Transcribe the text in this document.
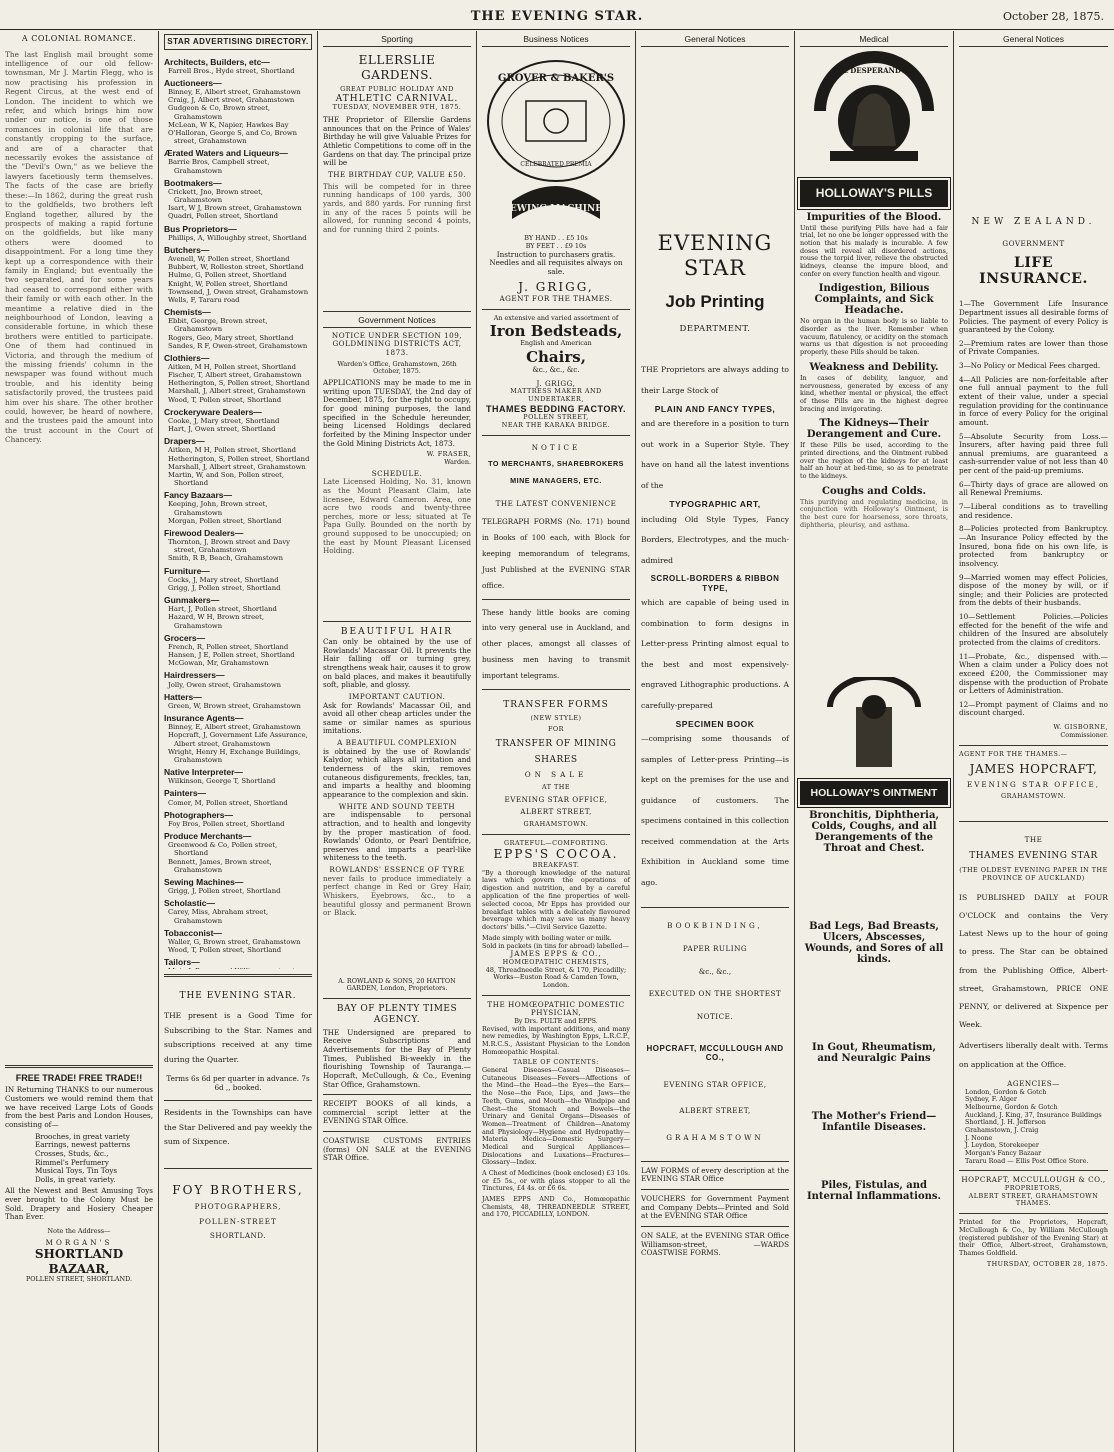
THE EVENING STAR.	October 28, 1875.
A COLONIAL ROMANCE.

The last English mail brought some intelligence of our old fellow-townsman, Mr J. Martin Flegg, who is now practising his profession in Regent Circus, at the west end of London. The incident to which we refer, and which brings him now under our notice, is one of those romances in colonial life that are constantly cropping to the surface, and are of a character that necessarily evokes the assistance of the "Devil's Own," as we believe the lawyers facetiously term themselves. The facts of the case are briefly these:—In 1862, during the great rush to the goldfields, two brothers left England together, allured by the prospects of making a rapid fortune on the goldfields, but like many others were doomed to disappointment. For a long time they kept up a correspondence with their family in England; but eventually the two separated, and for some years had ceased to correspond either with their family or with each other. In the meantime a relative died in the neighbourhood of London, leaving a considerable fortune, in which these brothers were entitled to participate. One of them had continued in Victoria, and through the medium of the missing friends' column in the newspaper was found without much trouble, and his identity being satisfactorily proved, the trustees paid him over his share. The other brother could, however, be heard of nowhere, and the trustees paid the amount into the trust account in the Court of Chancery.

FREE TRADE! FREE TRADE!!

IN Returning THANKS to our numerous Customers we would remind them that we have received Large Lots of Goods from the best Paris and London Houses, consisting of—

Brooches, in great variety
Earrings, newest patterns
Crosses, Studs, &c.,
Rimmel's Perfumery
Musical Toys, Tin Toys
Dolls, in great variety.

All the Newest and Best Amusing Toys ever brought to the Colony Must be Sold. Drapery and Hosiery Cheaper Than Ever.

Note the Address—
MORGAN'S
SHORTLAND BAZAAR,
POLLEN STREET, SHORTLAND.
STAR ADVERTISING DIRECTORY.
Architects, Builders, etc—
Farrell Bros., Hyde street, Shortland
Auctioneers—
Binney, E, Albert street, Grahamstown
Craig, J, Albert street, Grahamstown
Gudgeon & Co, Brown street, Grahamstown
McLean, W K, Napier, Hawkes Bay
O'Halloran, George S, and Co, Brown street, Grahamstown
Ærated Waters and Liqueurs—
Barrie Bros, Campbell street, Grahamstown
Bootmakers—
Crickett, Jno, Brown street, Grahamstown
Isart, W J, Brown street, Grahamstown
Quadri, Pollen street, Shortland
Bus Proprietors—
Phillips, A, Willoughby street, Shortland
Butchers—
Avenell, W, Pollen street, Shortland
Bubbert, W, Rolleston street, Shortland
Hulme, G, Pollen street, Shortland
Knight, W, Pollen street, Shortland
Townsend, J, Owen street, Grahamstown
Wells, F, Tararu road
Chemists—
Ebbit, George, Brown street, Grahamstown
Rogers, Geo, Mary street, Shortland
Sandes, R F, Owen-street, Grahamstown
Clothiers—
Aitken, M H, Pollen street, Shortland
Fischer, T, Albert street, Grahamstown
Hetherington, S, Pollen street, Shortland
Marshall, J, Albert street, Grahamstown
Wood, T, Pollen street, Shortland
Crockeryware Dealers—
Cooke, J, Mary street, Shortland
Hart, J, Owen street, Shortland
Drapers—
Aitken, M H, Pollen street, Shortland
Hetherington, S, Pollen street, Shortland
Marshall, J, Albert street, Grahamstown
Martin, W, and Son, Pollen street, Shortland
Fancy Bazaars—
Keeping, John, Brown street, Grahamstown
Morgan, Pollen street, Shortland
Firewood Dealers—
Thornton, J, Brown street and Davy street, Grahamstown
Smith, R B, Beach, Grahamstown
Furniture—
Cocks, J, Mary street, Shortland
Grigg, J, Pollen street, Shortland
Gunmakers—
Hart, J, Pollen street, Shortland
Hazard, W H, Brown street, Grahamstown
Grocers—
French, R, Pollen street, Shortland
Hansen, J E, Pollen street, Shortland
McGowan, Mr, Grahamstown
Hairdressers—
Jolly, Owen street, Grahamstown
Hatters—
Green, W, Brown street, Grahamstown
Insurance Agents—
Binney, E, Albert street, Grahamstown
Hopcraft, J, Government Life Assurance, Albert street, Grahamstown
Wright, Henry H, Exchange Buildings, Grahamstown
Native Interpreter—
Wilkinson, George T, Shortland
Painters—
Comer, M, Pollen street, Shortland
Photographers—
Foy Bros, Pollen street, Shortland
Produce Merchants—
Greenwood & Co, Pollen street, Shortland
Bennett, James, Brown street, Grahamstown
Sewing Machines—
Grigg, J, Pollen street, Shortland
Scholastic—
Carey, Miss, Abraham street, Grahamstown
Tobacconist—
Waller, G, Brown street, Grahamstown
Wood, T, Pollen street, Shortland
Tailors—
THE EVENING STAR.

THE present is a Good Time for Subscribing to the Star. Names and subscriptions received at any time during the Quarter.

Terms 6s 6d per quarter in advance. 7s 6d ,, booked.

Residents in the Townships can have the Star Delivered and pay weekly the sum of Sixpence.

FOY BROTHERS,
PHOTOGRAPHERS,
POLLEN-STREET
SHORTLAND.
Sporting
ELLERSLIE GARDENS.
GREAT PUBLIC HOLIDAY AND
ATHLETIC CARNIVAL.
TUESDAY, NOVEMBER 9TH, 1875.

THE Proprietor of Ellerslie Gardens announces that on the Prince of Wales' Birthday he will give Valuable Prizes for Athletic Competitions to come off in the Gardens on that day. The principal prize will be

THE BIRTHDAY CUP, VALUE £50.

This will be competed for in three running handicaps of 100 yards, 300 yards, and 880 yards. For running first in any of the races 5 points will be allowed, for running second 4 points, and for running third 2 points.

Government Notices
NOTICE UNDER SECTION 109, GOLDMINING DISTRICTS ACT, 1873.
Warden's Office, Grahamstown, 26th October, 1875.

APPLICATIONS may be made to me in writing upon TUESDAY, the 2nd day of December, 1875, for the right to occupy, for good mining purposes, the land specified in the Schedule hereunder, being Licensed Holdings declared forfeited by the Mining Inspector under the Gold Mining Districts Act, 1873.

W. FRASER,
Warden.
SCHEDULE.

Late Licensed Holding, No. 31, known as the Mount Pleasant Claim, late licensee, Edward Cameron. Area, one acre two roods and twenty-three perches, more or less; situated at Te Papa Gully. Bounded on the north by ground supposed to be unoccupied; on the east by Mount Pleasant Licensed Holding.

BEAUTIFUL HAIR

Can only be obtained by the use of Rowlands' Macassar Oil. It prevents the Hair falling off or turning grey, strengthens weak hair, causes it to grow on bald places, and makes it beautifully soft, pliable, and glossy.

IMPORTANT CAUTION.

Ask for Rowlands' Macassar Oil, and avoid all other cheap articles under the same or similar names as spurious imitations.

A BEAUTIFUL COMPLEXION

is obtained by the use of Rowlands' Kalydor, which allays all irritation and tenderness of the skin, removes cutaneous disfigurements, freckles, tan, and imparts a healthy and blooming appearance to the complexion and skin.

WHITE AND SOUND TEETH

are indispensable to personal attraction, and to health and longevity by the proper mastication of food. Rowlands' Odonto, or Pearl Dentifrice, preserves and imparts a pearl-like whiteness to the teeth.

ROWLANDS' ESSENCE OF TYRE

never fails to produce immediately a perfect change in Red or Grey Hair, Whiskers, Eyebrows, &c., to a beautiful glossy and permanent Brown or Black.

A. ROWLAND & SONS, 20 HATTON GARDEN, London, Proprietors.
BAY OF PLENTY TIMES AGENCY.

THE Undersigned are prepared to Receive Subscriptions and Advertisements for the Bay of Plenty Times, Published Bi-weekly in the flourishing Township of Tauranga.—Hopcraft, McCullough, & Co., Evening Star Office, Grahamstown.

RECEIPT BOOKS of all kinds, a commercial script letter at the EVENING STAR Office.

COASTWISE CUSTOMS ENTRIES (forms) ON SALE at the EVENING STAR Office.

Business Notices
GROVER & BAKER'S
CELEBRATED PREMIA
SEWING MACHINES
BY HAND . . £5 10s
BY FEET . . £9 10s

Instruction to purchasers gratis. Needles and all requisites always on sale.

J. GRIGG,
AGENT FOR THE THAMES.
An extensive and varied assortment of
Iron Bedsteads,
English and American
Chairs,
&c., &c., &c.
J. GRIGG,
MATTRESS MAKER AND UNDERTAKER,
THAMES BEDDING FACTORY.
POLLEN STREET,
NEAR THE KARAKA BRIDGE.
NOTICE
TO MERCHANTS, SHAREBROKERS
MINE MANAGERS, ETC.
THE LATEST CONVENIENCE

TELEGRAPH FORMS (No. 171) bound in Books of 100 each, with Block for keeping memorandum of telegrams, Just Published at the EVENING STAR office.

These handy little books are coming into very general use in Auckland, and other places, amongst all classes of business men having to transmit important telegrams.

TRANSFER FORMS
(NEW STYLE)
FOR
TRANSFER OF MINING
SHARES
ON SALE
AT THE
EVENING STAR OFFICE,
ALBERT STREET,
GRAHAMSTOWN.
GRATEFUL—COMFORTING.
EPPS'S COCOA.
BREAKFAST.

"By a thorough knowledge of the natural laws which govern the operations of digestion and nutrition, and by a careful application of the fine properties of well-selected cocoa, Mr Epps has provided our breakfast tables with a delicately flavoured beverage which may save us many heavy doctors' bills."—Civil Service Gazette.

Made simply with boiling water or milk.
Sold in packets (in tins for abroad) labelled—
JAMES EPPS & CO.,
HOMŒOPATHIC CHEMISTS,
48, Threadneedle Street, & 170, Piccadilly; Works—Euston Road & Camden Town, London.
THE HOMŒOPATHIC DOMESTIC PHYSICIAN,
By Drs. PULTE and EPPS.

Revised, with important additions, and many new remedies, by Washington Epps, L.R.C.P., M.R.C.S., Assistant Physician to the London Homœopathic Hospital.

TABLE OF CONTENTS:

General Diseases—Casual Diseases—Cutaneous Diseases—Fevers—Affections of the Mind—the Head—the Eyes—the Ears—the Nose—the Face, Lips, and Jaws—the Teeth, Gums, and Mouth—the Windpipe and Chest—the Stomach and Bowels—the Urinary and Genital Organs—Diseases of Women—Treatment of Children—Anatomy and Physiology—Hygiene and Hydropathy—Materia Medica—Domestic Surgery—Medical and Surgical Appliances—Dislocations and Luxations—Fractures—Glossary—Index.

A Chest of Medicines (book enclosed) £3 10s. or £5 5s., or with glass stopper to all the Tinctures, £4 4s. or £6 6s.

JAMES EPPS AND Co., Homœopathic Chemists, 48, THREADNEEDLE STREET, and 170, PICCADILLY, LONDON.

General Notices
EVENING STAR
Job Printing
DEPARTMENT.

THE Proprietors are always adding to their Large Stock of

PLAIN AND FANCY TYPES,

and are therefore in a position to turn out work in a Superior Style. They have on hand all the latest inventions of the

TYPOGRAPHIC ART,

including Old Style Types, Fancy Borders, Electrotypes, and the much-admired

SCROLL-BORDERS & RIBBON TYPE,

which are capable of being used in combination to form designs in Letter-press Printing almost equal to the best and most expensively-engraved Lithographic productions. A carefully-prepared

SPECIMEN BOOK

—comprising some thousands of samples of Letter-press Printing—is kept on the premises for the use and guidance of customers. The specimens contained in this collection received commendation at the Arts Exhibition in Auckland some time ago.

BOOKBINDING,
PAPER RULING
&c., &c.,
EXECUTED ON THE SHORTEST
NOTICE.
HOPCRAFT, MCCULLOUGH AND CO.,
EVENING STAR OFFICE,
ALBERT STREET,
GRAHAMSTOWN

LAW FORMS of every description at the EVENING STAR Office

VOUCHERS for Government Payment and Company Debts—Printed and Sold at the EVENING STAR Office

ON SALE, at the EVENING STAR Office Williamson-street, —WARDS COASTWISE FORMS.

Medical
NIL DESPERANDUM
HOLLOWAY'S PILLS
Impurities of the Blood.

Until these purifying Pills have had a fair trial, let no one be longer oppressed with the notion that his malady is incurable. A few doses will reveal all disordered actions, rouse the torpid liver, relieve the obstructed kidneys, cleanse the impure blood, and confer on every function health and vigour.

Indigestion, Bilious Complaints, and Sick Headache.

No organ in the human body is so liable to disorder as the liver. Remember when vacuum, flatulency, or acidity on the stomach warns us that digestion is not proceeding properly, these Pills should be taken.

Weakness and Debility.

In cases of debility, languor, and nervousness, generated by excess of any kind, whether mental or physical, the effect of these Pills are in the highest degree bracing and invigorating.

The Kidneys—Their Derangement and Cure.

If these Pills be used, according to the printed directions, and the Ointment rubbed over the region of the kidneys for at least half an hour at bed-time, so as to penetrate to the kidneys.

Coughs and Colds.

This purifying and regulating medicine, in conjunction with Holloway's Ointment, is the best cure for hoarseness, sore throats, diphtheria, pleurisy, and asthma.

HOLLOWAY'S OINTMENT
Bronchitis, Diphtheria, Colds, Coughs, and all Derangements of the Throat and Chest.
Bad Legs, Bad Breasts, Ulcers, Abscesses, Wounds, and Sores of all kinds.
In Gout, Rheumatism, and Neuralgic Pains
The Mother's Friend—Infantile Diseases.
Piles, Fistulas, and Internal Inflammations.
General Notices
NEW ZEALAND.
GOVERNMENT
LIFE INSURANCE.

1—The Government Life Insurance Department issues all desirable forms of Policies. The payment of every Policy is guaranteed by the Colony.

2—Premium rates are lower than those of Private Companies.

3—No Policy or Medical Fees charged.

4—All Policies are non-forfeitable after one full annual payment to the full extent of their value, under a special regulation providing for the continuance in force of every Policy for the original amount.

5—Absolute Security from Loss.—Insurers, after having paid three full annual premiums, are guaranteed a cash-surrender value of not less than 40 per cent of the paid-up premiums.

6—Thirty days of grace are allowed on all Renewal Premiums.

7—Liberal conditions as to travelling and residence.

8—Policies protected from Bankruptcy.—An Insurance Policy effected by the Insured, bona fide on his own life, is protected from bankruptcy or insolvency.

9—Married women may effect Policies, dispose of the money by will, or if single; and their Policies are protected from the debts of their husbands.

10—Settlement Policies.—Policies effected for the benefit of the wife and children of the Insured are absolutely protected from the claims of creditors.

11—Probate, &c., dispensed with.—When a claim under a Policy does not exceed £200, the Commissioner may dispense with the production of Probate or Letters of Administration.

12—Prompt payment of Claims and no discount charged.

W. GISBORNE,
Commissioner.
AGENT FOR THE THAMES.—
JAMES HOPCRAFT,
EVENING STAR OFFICE,
GRAHAMSTOWN.
THE
THAMES EVENING STAR
(THE OLDEST EVENING PAPER IN THE PROVINCE OF AUCKLAND)

IS PUBLISHED DAILY at FOUR O'CLOCK and contains the Very Latest News up to the hour of going to press. The Star can be obtained from the Publishing Office, Albert-street, Grahamstown, PRICE ONE PENNY, or delivered at Sixpence per Week.

Advertisers liberally dealt with. Terms on application at the Office.

AGENCIES—
London, Gordon & Gotch
Sydney, F. Alger
Melbourne, Gordon & Gotch
Auckland, J. King, 37, Insurance Buildings
Shortland, J. H. Jefferson
Grahamstown, J. Craig
J. Noone
J. Leydon, Storekeeper
Morgan's Fancy Bazaar
Tararu Road — Ellis Post Office Store.
HOPCRAFT, MCCULLOUGH & CO.,
PROPRIETORS,
ALBERT STREET, GRAHAMSTOWN THAMES.

Printed for the Proprietors, Hopcraft, McCullough & Co., by William McCullough (registered publisher of the Evening Star) at their Office, Albert-street, Grahamstown, Thames Goldfield.

THURSDAY, OCTOBER 28, 1875.
